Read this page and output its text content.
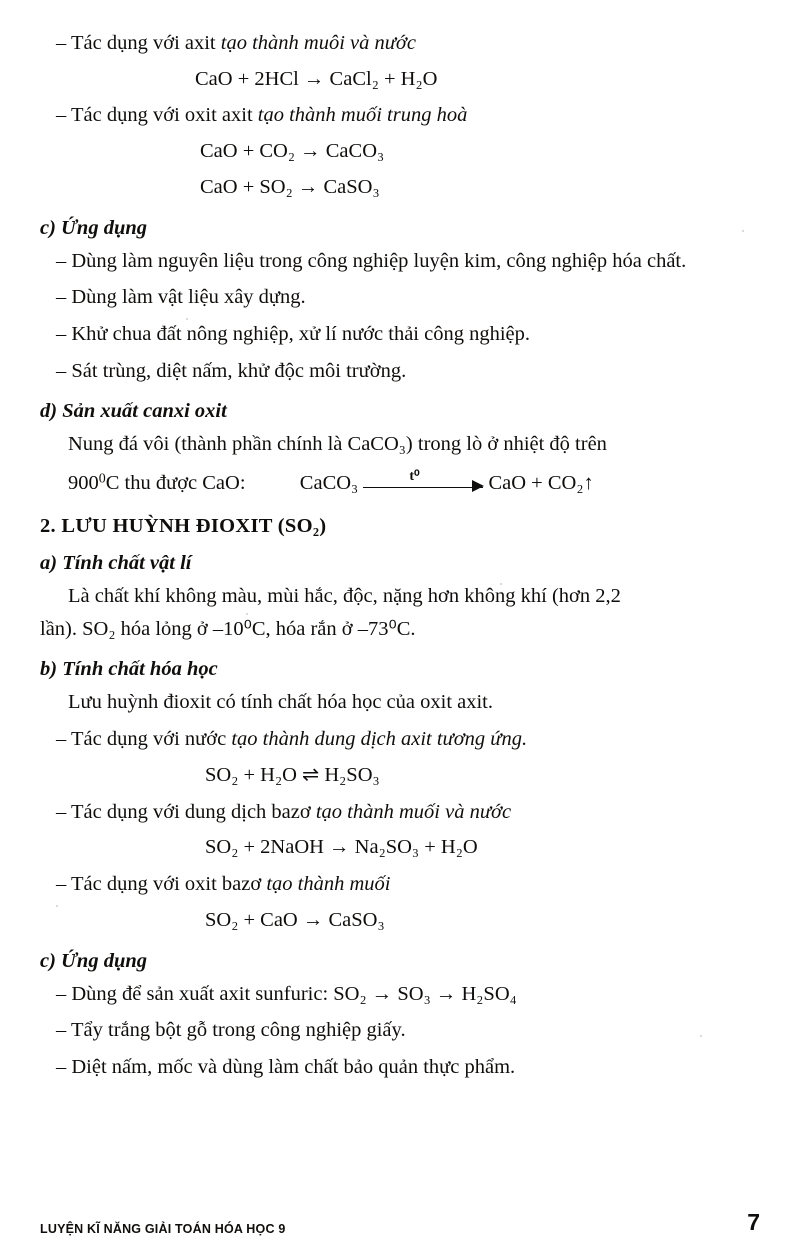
– Tác dụng với axit tạo thành muôi và nước
CaO + 2HCl → CaCl₂ + H₂O
– Tác dụng với oxit axit tạo thành muối trung hoà
CaO + CO₂ → CaCO₃
CaO + SO₂ → CaSO₃
c) Ứng dụng
– Dùng làm nguyên liệu trong công nghiệp luyện kim, công nghiệp hóa chất.
– Dùng làm vật liệu xây dựng.
– Khử chua đất nông nghiệp, xử lí nước thải công nghiệp.
– Sát trùng, diệt nấm, khử độc môi trường.
d) Sản xuất canxi oxit
Nung đá vôi (thành phần chính là CaCO₃) trong lò ở nhiệt độ trên
$900^0C$ thu được CaO:	CaCO₃	t⁰	CaO + CO₂↑
2. LƯU HUỲNH ĐIOXIT (SO₂)
a) Tính chất vật lí
Là chất khí không màu, mùi hắc, độc, nặng hơn không khí (hơn 2,2
lần). SO₂ hóa lỏng ở –10⁰C, hóa rắn ở –73⁰C.
b) Tính chất hóa học
Lưu huỳnh đioxit có tính chất hóa học của oxit axit.
– Tác dụng với nước tạo thành dung dịch axit tương ứng.
SO₂ + H₂O ⇌ H₂SO₃
– Tác dụng với dung dịch bazơ tạo thành muối và nước
SO₂ + 2NaOH → Na₂SO₃ + H₂O
– Tác dụng với oxit bazơ tạo thành muối
SO₂ + CaO → CaSO₃
c) Ứng dụng
– Dùng để sản xuất axit sunfuric: SO₂ → SO₃ → H₂SO₄
– Tẩy trắng bột gỗ trong công nghiệp giấy.
– Diệt nấm, mốc và dùng làm chất bảo quản thực phẩm.
LUYỆN KĨ NĂNG GIẢI TOÁN HÓA HỌC 9	7
